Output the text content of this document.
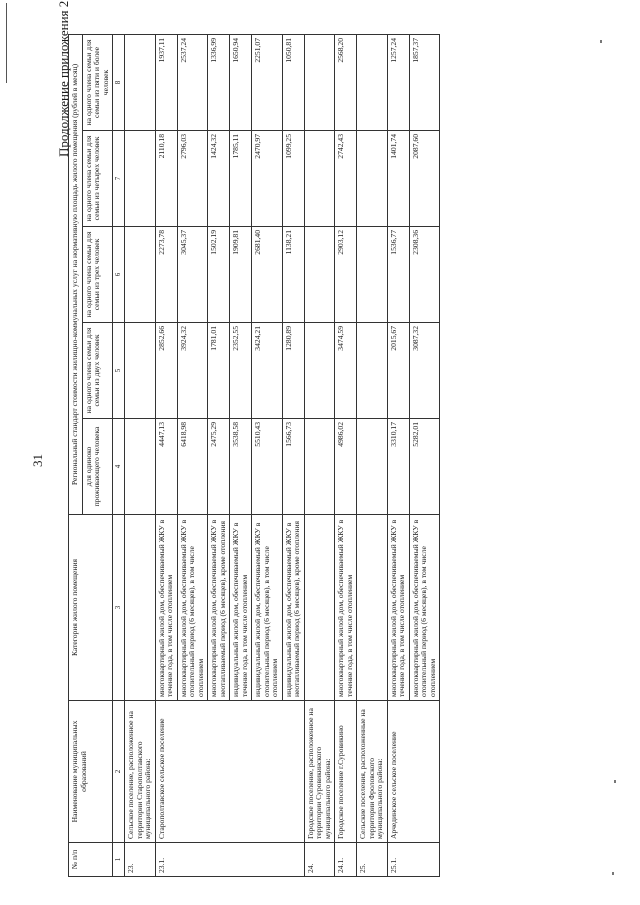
31
Продолжение приложения 2
№ п/п	Наименование муниципальных образований	Категория жилого помещения	Региональный стандарт стоимости жилищно-коммунальных услуг на нормативную площадь жилого помещения (рублей в месяц)				
			для одиноко проживающего человека	на одного члена семьи для семьи из двух человек	на одного члена семьи для семьи из трех человек	на одного члена семьи для семьи из четырех человек	на одного члена семьи для семьи из пяти и более человек
1	2	3	4	5	6	7	8
23.	Сельское поселение, расположенное на территории Старополтавского муниципального района:						
23.1.	Старополтавское сельское поселение	многоквартирный жилой дом, обеспечиваемый ЖКУ в течение года, в том числе отоплением	4447,13	2852,66	2273,78	2110,18	1937,11
		многоквартирный жилой дом, обеспечиваемый ЖКУ в отопительный период (6 месяцев), в том числе отоплением	6418,98	3924,32	3045,37	2796,03	2537,24
		многоквартирный жилой дом, обеспечиваемый ЖКУ в неотапливаемый период (6 месяцев), кроме отопления	2475,29	1781,01	1502,19	1424,32	1336,99
		индивидуальный жилой дом, обеспечиваемый ЖКУ в течение года, в том числе отоплением	3538,58	2352,55	1909,81	1785,11	1650,94
		индивидуальный жилой дом, обеспечиваемый ЖКУ в отопительный период (6 месяцев), в том числе отоплением	5510,43	3424,21	2681,40	2470,97	2251,07
		индивидуальный жилой дом, обеспечиваемый ЖКУ в неотапливаемый период (6 месяцев), кроме отопления	1566,73	1280,89	1138,21	1099,25	1050,81
24.	Городское поселение, расположенное на территории Суровикинского муниципального района:						
24.1.	Городское поселение г.Суровикино	многоквартирный жилой дом, обеспечиваемый ЖКУ в течение года, в том числе отоплением	4986,02	3474,59	2903,12	2742,43	2568,20
25.	Сельские поселения, расположенные на территории Фроловского муниципального района:						
25.1.	Арчединское сельское поселение	многоквартирный жилой дом, обеспечиваемый ЖКУ в течение года, в том числе отоплением	3310,17	2015,67	1536,77	1401,74	1257,24
		многоквартирный жилой дом, обеспечиваемый ЖКУ в отопительный период (6 месяцев), в том числе отоплением	5282,01	3087,32	2308,36	2087,60	1857,37
